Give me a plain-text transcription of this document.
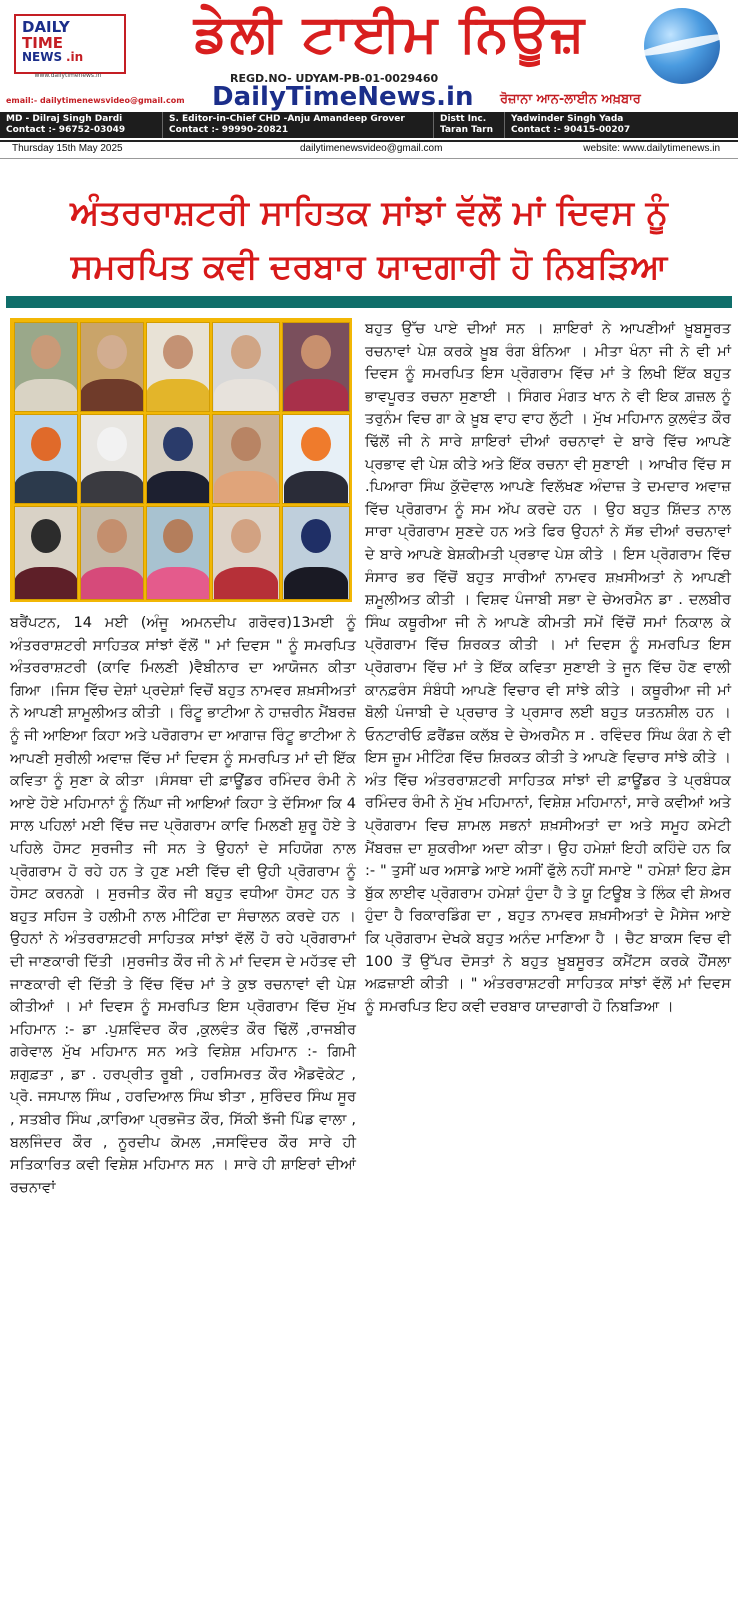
DAILY
TIME
NEWS .in
www.dailytimenews.in
ਡੇਲੀ ਟਾਈਮ ਨਿਊਜ਼
REGD.NO- UDYAM-PB-01-0029460
email:- dailytimenewsvideo@gmail.com DailyTimeNews.in ਰੋਜ਼ਾਨਾ ਆਨ-ਲਾਈਨ ਅਖ਼ਬਾਰ
MD - Dilraj Singh Dardi
Contact :- 96752-03049
S. Editor-in-Chief CHD -Anju Amandeep Grover
Contact :- 99990-20821
Distt Inc.
Taran Tarn
Yadwinder Singh Yada
Contact :- 90415-00207
Thursday 15th May 2025	dailytimenewsvideo@gmail.com	website: www.dailytimenews.in
ਅੰਤਰਰਾਸ਼ਟਰੀ ਸਾਹਿਤਕ ਸਾਂਝਾਂ ਵੱਲੋਂ ਮਾਂ ਦਿਵਸ ਨੂੰ
ਸਮਰਪਿਤ ਕਵੀ ਦਰਬਾਰ ਯਾਦਗਾਰੀ ਹੋ ਨਿਬੜਿਆ
ਬਹੁਤ ਉੱਚ ਪਾਏ ਦੀਆਂ ਸਨ । ਸ਼ਾਇਰਾਂ ਨੇ ਆਪਣੀਆਂ ਖ਼ੂਬਸੂਰਤ ਰਚਨਾਵਾਂ ਪੇਸ਼ ਕਰਕੇ ਖ਼ੂਬ ਰੰਗ ਬੰਨਿਆ । ਮੀਤਾ ਖੰਨਾ ਜੀ ਨੇ ਵੀ ਮਾਂ ਦਿਵਸ ਨੂੰ ਸਮਰਪਿਤ ਇਸ ਪ੍ਰੋਗਰਾਮ ਵਿੱਚ ਮਾਂ ਤੇ ਲਿਖੀ ਇੱਕ ਬਹੁਤ ਭਾਵਪੂਰਤ ਰਚਨਾ ਸੁਣਾਈ । ਸਿੰਗਰ ਮੰਗਤ ਖਾਨ ਨੇ ਵੀ ਇਕ ਗ਼ਜ਼ਲ ਨੂੰ ਤਰੁਨੰਮ ਵਿਚ ਗਾ ਕੇ ਖ਼ੂਬ ਵਾਹ ਵਾਹ ਲੁੱਟੀ । ਮੁੱਖ ਮਹਿਮਾਨ ਕੁਲਵੰਤ ਕੌਰ ਢਿੱਲੋਂ ਜੀ ਨੇ ਸਾਰੇ ਸ਼ਾਇਰਾਂ ਦੀਆਂ ਰਚਨਾਵਾਂ ਦੇ ਬਾਰੇ ਵਿੱਚ ਆਪਣੇ ਪ੍ਰਭਾਵ ਵੀ ਪੇਸ਼ ਕੀਤੇ ਅਤੇ ਇੱਕ ਰਚਨਾ ਵੀ ਸੁਣਾਈ । ਆਖੀਰ ਵਿੱਚ ਸ .ਪਿਆਰਾ ਸਿੰਘ ਕੁੱਦੋਵਾਲ ਆਪਣੇ ਵਿਲੱਖਣ ਅੰਦਾਜ਼ ਤੇ ਦਮਦਾਰ ਅਵਾਜ਼ ਵਿੱਚ ਪ੍ਰੋਗਰਾਮ ਨੂੰ ਸਮ ਅੱਪ ਕਰਦੇ ਹਨ । ਉਹ ਬਹੁਤ ਸ਼ਿੱਦਤ ਨਾਲ ਸਾਰਾ ਪ੍ਰੋਗਰਾਮ ਸੁਣਦੇ ਹਨ ਅਤੇ ਫਿਰ ਉਹਨਾਂ ਨੇ ਸੱਭ ਦੀਆਂ ਰਚਨਾਵਾਂ ਦੇ ਬਾਰੇ ਆਪਣੇ ਬੇਸ਼ਕੀਮਤੀ ਪ੍ਰਭਾਵ ਪੇਸ਼ ਕੀਤੇ । ਇਸ ਪ੍ਰੋਗਰਾਮ ਵਿੱਚ ਸੰਸਾਰ ਭਰ ਵਿੱਚੋਂ ਬਹੁਤ ਸਾਰੀਆਂ ਨਾਮਵਰ ਸ਼ਖ਼ਸੀਅਤਾਂ ਨੇ ਆਪਣੀ ਸ਼ਮੂਲੀਅਤ ਕੀਤੀ । ਵਿਸ਼ਵ ਪੰਜਾਬੀ ਸਭਾ ਦੇ ਚੇਅਰਮੈਨ ਡਾ . ਦਲਬੀਰ ਸਿੰਘ ਕਥੂਰੀਆ ਜੀ ਨੇ ਆਪਣੇ ਕੀਮਤੀ ਸਮੇਂ ਵਿੱਚੋਂ ਸਮਾਂ ਨਿਕਾਲ ਕੇ ਪ੍ਰੋਗਰਾਮ ਵਿੱਚ ਸ਼ਿਰਕਤ ਕੀਤੀ । ਮਾਂ ਦਿਵਸ ਨੂੰ ਸਮਰਪਿਤ ਇਸ ਪ੍ਰੋਗਰਾਮ ਵਿੱਚ ਮਾਂ ਤੇ ਇੱਕ ਕਵਿਤਾ ਸੁਣਾਈ ਤੇ ਜੂਨ ਵਿੱਚ ਹੋਣ ਵਾਲੀ ਕਾਨਫ਼ਰੰਸ ਸੰਬੰਧੀ ਆਪਣੇ ਵਿਚਾਰ ਵੀ ਸਾਂਝੇ ਕੀਤੇ । ਕਥੂਰੀਆ ਜੀ ਮਾਂ ਬੋਲੀ ਪੰਜਾਬੀ ਦੇ ਪ੍ਰਚਾਰ ਤੇ ਪ੍ਰਸਾਰ ਲਈ ਬਹੁਤ ਯਤਨਸ਼ੀਲ ਹਨ । ਓਨਟਾਰੀਓ ਫ਼ਰੈਂਡਜ਼ ਕਲੱਬ ਦੇ ਚੇਅਰਮੈਨ ਸ . ਰਵਿੰਦਰ ਸਿੰਘ ਕੰਗ ਨੇ ਵੀ ਇਸ ਜ਼ੂਮ ਮੀਟਿੰਗ ਵਿੱਚ ਸ਼ਿਰਕਤ ਕੀਤੀ ਤੇ ਆਪਣੇ ਵਿਚਾਰ ਸਾਂਝੇ ਕੀਤੇ । ਅੰਤ ਵਿੱਚ ਅੰਤਰਰਾਸ਼ਟਰੀ ਸਾਹਿਤਕ ਸਾਂਝਾਂ ਦੀ ਫ਼ਾਊਂਡਰ ਤੇ ਪ੍ਰਬੰਧਕ ਰਮਿੰਦਰ ਰੰਮੀ ਨੇ ਮੁੱਖ ਮਹਿਮਾਨਾਂ, ਵਿਸ਼ੇਸ਼ ਮਹਿਮਾਨਾਂ, ਸਾਰੇ ਕਵੀਆਂ ਅਤੇ ਪ੍ਰੋਗਰਾਮ ਵਿਚ ਸ਼ਾਮਲ ਸਭਨਾਂ ਸ਼ਖ਼ਸੀਅਤਾਂ ਦਾ ਅਤੇ ਸਮੂਹ ਕਮੇਟੀ ਮੈਂਬਰਜ਼ ਦਾ ਸ਼ੁਕਰੀਆ ਅਦਾ ਕੀਤਾ। ਉਹ ਹਮੇਸ਼ਾਂ ਇਹੀ ਕਹਿੰਦੇ ਹਨ ਕਿ :- " ਤੁਸੀਂ ਘਰ ਅਸਾਡੇ ਆਏ ਅਸੀਂ ਫੁੱਲੇ ਨਹੀਂ ਸਮਾਏ " ਹਮੇਸ਼ਾਂ ਇਹ ਫ਼ੇਸ ਬੁੱਕ ਲਾਈਵ ਪ੍ਰੋਗਰਾਮ ਹਮੇਸ਼ਾਂ ਹੁੰਦਾ ਹੈ ਤੇ ਯੂ ਟਿਊਬ ਤੇ ਲਿੰਕ ਵੀ ਸ਼ੇਅਰ ਹੁੰਦਾ ਹੈ ਰਿਕਾਰਡਿੰਗ ਦਾ , ਬਹੁਤ ਨਾਮਵਰ ਸ਼ਖ਼ਸੀਅਤਾਂ ਦੇ ਮੈਸੇਜ ਆਏ ਕਿ ਪ੍ਰੋਗਰਾਮ ਦੇਖਕੇ ਬਹੁਤ ਅਨੰਦ ਮਾਣਿਆ ਹੈ । ਚੈਟ ਬਾਕਸ ਵਿਚ ਵੀ 100 ਤੋਂ ਉੱਪਰ ਦੋਸਤਾਂ ਨੇ ਬਹੁਤ ਖ਼ੂਬਸੂਰਤ ਕਮੈਂਟਸ ਕਰਕੇ ਹੌਂਸਲਾ ਅਫ਼ਜ਼ਾਈ ਕੀਤੀ । " ਅੰਤਰਰਾਸ਼ਟਰੀ ਸਾਹਿਤਕ ਸਾਂਝਾਂ ਵੱਲੋਂ ਮਾਂ ਦਿਵਸ ਨੂੰ ਸਮਰਪਿਤ ਇਹ ਕਵੀ ਦਰਬਾਰ ਯਾਦਗਾਰੀ ਹੋ ਨਿਬੜਿਆ ।
ਬਰੈਂਪਟਨ, 14 ਮਈ (ਅੰਜੂ ਅਮਨਦੀਪ ਗਰੋਵਰ)13ਮਈ ਨੂੰ ਅੰਤਰਰਾਸ਼ਟਰੀ ਸਾਹਿਤਕ ਸਾਂਝਾਂ ਵੱਲੋਂ " ਮਾਂ ਦਿਵਸ " ਨੂੰ ਸਮਰਪਿਤ ਅੰਤਰਰਾਸ਼ਟਰੀ (ਕਾਵਿ ਮਿਲਣੀ )ਵੈਬੀਨਾਰ ਦਾ ਆਯੋਜਨ ਕੀਤਾ ਗਿਆ ।ਜਿਸ ਵਿੱਚ ਦੇਸ਼ਾਂ ਪ੍ਰਦੇਸ਼ਾਂ ਵਿਚੋਂ ਬਹੁਤ ਨਾਮਵਰ ਸ਼ਖ਼ਸੀਅਤਾਂ ਨੇ ਆਪਣੀ ਸ਼ਾਮੂਲੀਅਤ ਕੀਤੀ । ਰਿੰਟੂ ਭਾਟੀਆ ਨੇ ਹਾਜ਼ਰੀਨ ਮੈਂਬਰਜ਼ ਨੂੰ ਜੀ ਆਇਆ ਕਿਹਾ ਅਤੇ ਪਰੋਗਰਾਮ ਦਾ ਆਗਾਜ਼ ਰਿੰਟੂ ਭਾਟੀਆ ਨੇ ਆਪਣੀ ਸੁਰੀਲੀ ਅਵਾਜ਼ ਵਿੱਚ ਮਾਂ ਦਿਵਸ ਨੂੰ ਸਮਰਪਿਤ ਮਾਂ ਦੀ ਇੱਕ ਕਵਿਤਾ ਨੂੰ ਸੁਣਾ ਕੇ ਕੀਤਾ ।ਸੰਸਥਾ ਦੀ ਫ਼ਾਊਂਡਰ ਰਮਿੰਦਰ ਰੰਮੀ ਨੇ ਆਏ ਹੋਏ ਮਹਿਮਾਨਾਂ ਨੂੰ ਨਿੱਘਾ ਜੀ ਆਇਆਂ ਕਿਹਾ ਤੇ ਦੱਸਿਆ ਕਿ 4 ਸਾਲ ਪਹਿਲਾਂ ਮਈ ਵਿੱਚ ਜਦ ਪ੍ਰੋਗਰਾਮ ਕਾਵਿ ਮਿਲਣੀ ਸ਼ੁਰੂ ਹੋਏ ਤੇ ਪਹਿਲੇ ਹੋਸਟ ਸੁਰਜੀਤ ਜੀ ਸਨ ਤੇ ਉਹਨਾਂ ਦੇ ਸਹਿਯੋਗ ਨਾਲ ਪ੍ਰੋਗਰਾਮ ਹੋ ਰਹੇ ਹਨ ਤੇ ਹੁਣ ਮਈ ਵਿੱਚ ਵੀ ਉਹੀ ਪ੍ਰੋਗਰਾਮ ਨੂੰ ਹੋਸਟ ਕਰਨਗੇ । ਸੁਰਜੀਤ ਕੌਰ ਜੀ ਬਹੁਤ ਵਧੀਆ ਹੋਸਟ ਹਨ ਤੇ ਬਹੁਤ ਸਹਿਜ ਤੇ ਹਲੀਮੀ ਨਾਲ ਮੀਟਿੰਗ ਦਾ ਸੰਚਾਲਨ ਕਰਦੇ ਹਨ । ਉਹਨਾਂ ਨੇ ਅੰਤਰਰਾਸ਼ਟਰੀ ਸਾਹਿਤਕ ਸਾਂਝਾਂ ਵੱਲੋਂ ਹੋ ਰਹੇ ਪ੍ਰੋਗਰਾਮਾਂ ਦੀ ਜਾਣਕਾਰੀ ਦਿੱਤੀ ।ਸੁਰਜੀਤ ਕੌਰ ਜੀ ਨੇ ਮਾਂ ਦਿਵਸ ਦੇ ਮਹੱਤਵ ਦੀ ਜਾਣਕਾਰੀ ਵੀ ਦਿੱਤੀ ਤੇ ਵਿੱਚ ਵਿੱਚ ਮਾਂ ਤੇ ਕੁਝ ਰਚਨਾਵਾਂ ਵੀ ਪੇਸ਼ ਕੀਤੀਆਂ । ਮਾਂ ਦਿਵਸ ਨੂੰ ਸਮਰਪਿਤ ਇਸ ਪ੍ਰੋਗਰਾਮ ਵਿੱਚ ਮੁੱਖ ਮਹਿਮਾਨ :- ਡਾ .ਪੁਸ਼ਵਿੰਦਰ ਕੌਰ ,ਕੁਲਵੰਤ ਕੌਰ ਢਿੱਲੋਂ ,ਰਾਜਬੀਰ ਗਰੇਵਾਲ ਮੁੱਖ ਮਹਿਮਾਨ ਸਨ ਅਤੇ ਵਿਸ਼ੇਸ਼ ਮਹਿਮਾਨ :- ਗਿਮੀ ਸ਼ਗੁਫ਼ਤਾ , ਡਾ . ਹਰਪ੍ਰੀਤ ਰੂਬੀ , ਹਰਸਿਮਰਤ ਕੌਰ ਐਡਵੋਕੇਟ , ਪ੍ਰੋ. ਜਸਪਾਲ ਸਿੰਘ , ਹਰਦਿਆਲ ਸਿੰਘ ਝੀਤਾ , ਸੁਰਿੰਦਰ ਸਿੰਘ ਸੂਰ , ਸਤਬੀਰ ਸਿੰਘ ,ਕਾਰਿਆ ਪ੍ਰਭਜੋਤ ਕੌਰ, ਸਿੱਕੀ ਝੱਜੀ ਪਿੰਡ ਵਾਲਾ , ਬਲਜਿੰਦਰ ਕੌਰ , ਨੂਰਦੀਪ ਕੋਮਲ ,ਜਸਵਿੰਦਰ ਕੌਰ ਸਾਰੇ ਹੀ ਸਤਿਕਾਰਿਤ ਕਵੀ ਵਿਸ਼ੇਸ਼ ਮਹਿਮਾਨ ਸਨ । ਸਾਰੇ ਹੀ ਸ਼ਾਇਰਾਂ ਦੀਆਂ ਰਚਨਾਵਾਂ
